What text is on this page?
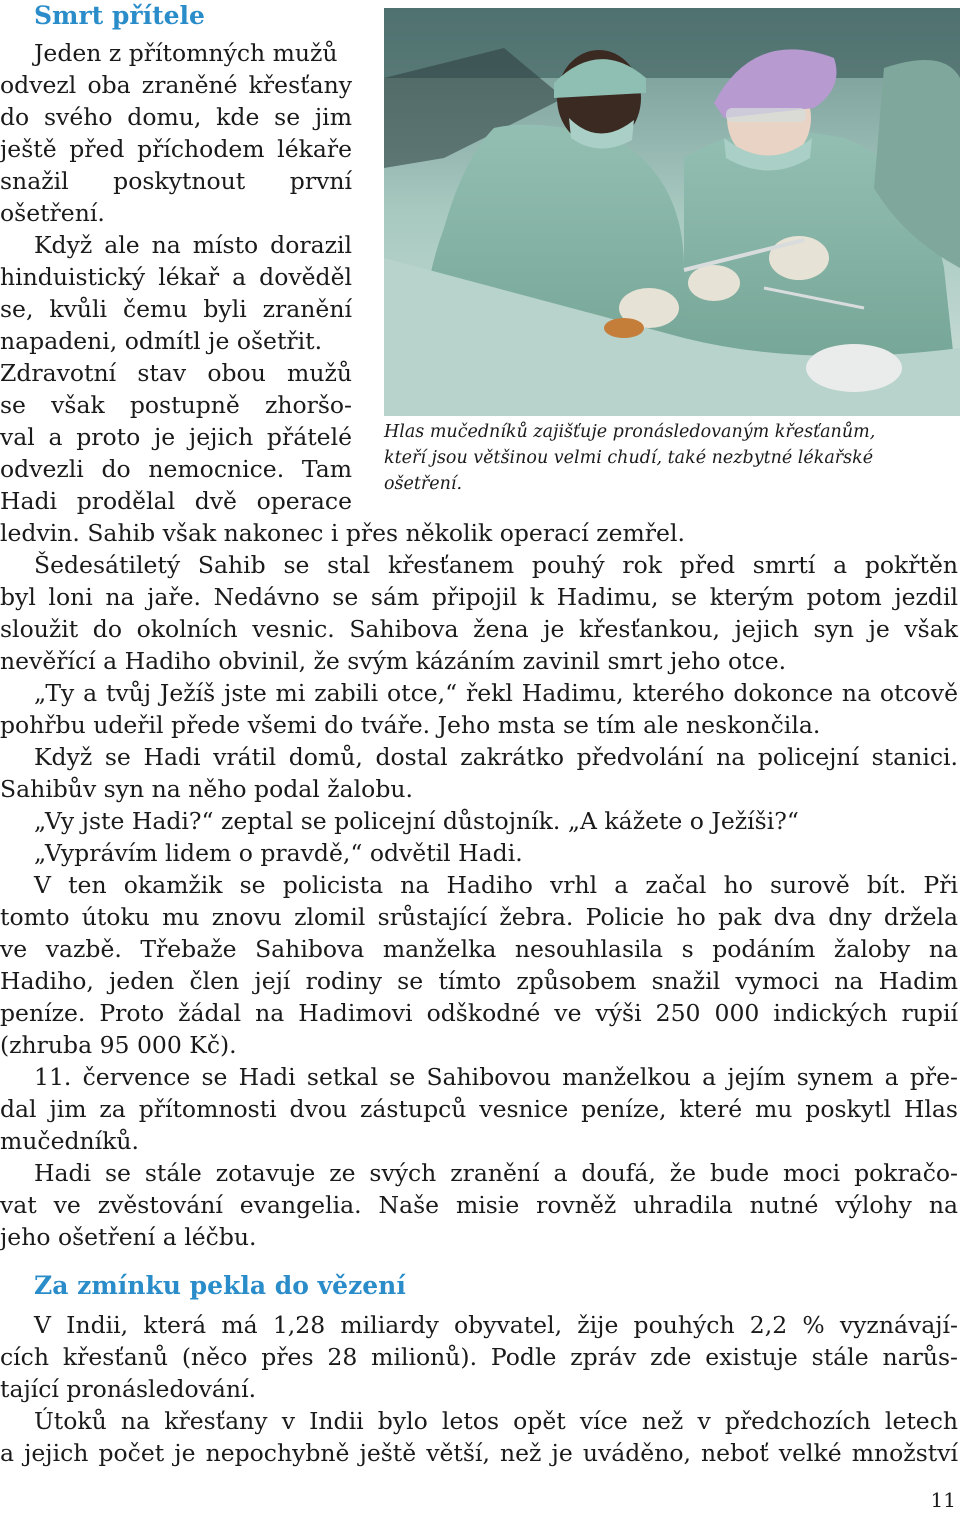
Smrt přítele

Jeden z přítomných mužů

odvezl oba zraněné křesťany

do svého domu, kde se jim

ještě před příchodem lékaře

snažil poskytnout první

ošetření.

Když ale na místo dorazil

hinduistický lékař a dověděl

se, kvůli čemu byli zranění

napadeni, odmítl je ošetřit.

Zdravotní stav obou mužů

se však postupně zhoršo-

val a proto je jejich přátelé

odvezli do nemocnice. Tam

Hadi prodělal dvě operace

Hlas mučedníků zajišťuje pronásledovaným křesťanům,

kteří jsou většinou velmi chudí, také nezbytné lékařské

ošetření.

ledvin. Sahib však nakonec i přes několik operací zemřel.

Šedesátiletý Sahib se stal křesťanem pouhý rok před smrtí a pokřtěn

byl loni na jaře. Nedávno se sám připojil k Hadimu, se kterým potom jezdil

sloužit do okolních vesnic. Sahibova žena je křesťankou, jejich syn je však

nevěřící a Hadiho obvinil, že svým kázáním zavinil smrt jeho otce.

„Ty a tvůj Ježíš jste mi zabili otce,“ řekl Hadimu, kterého dokonce na otcově

pohřbu udeřil přede všemi do tváře. Jeho msta se tím ale neskončila.

Když se Hadi vrátil domů, dostal zakrátko předvolání na policejní stanici.

Sahibův syn na něho podal žalobu.

„Vy jste Hadi?“ zeptal se policejní důstojník. „A kážete o Ježíši?“

„Vyprávím lidem o pravdě,“ odvětil Hadi.

V ten okamžik se policista na Hadiho vrhl a začal ho surově bít. Při

tomto útoku mu znovu zlomil srůstající žebra. Policie ho pak dva dny držela

ve vazbě. Třebaže Sahibova manželka nesouhlasila s podáním žaloby na

Hadiho, jeden člen její rodiny se tímto způsobem snažil vymoci na Hadim

peníze. Proto žádal na Hadimovi odškodné ve výši 250 000 indických rupií

(zhruba 95 000 Kč).

11. července se Hadi setkal se Sahibovou manželkou a jejím synem a pře-

dal jim za přítomnosti dvou zástupců vesnice peníze, které mu poskytl Hlas

mučedníků.

Hadi se stále zotavuje ze svých zranění a doufá, že bude moci pokračo-

vat ve zvěstování evangelia. Naše misie rovněž uhradila nutné výlohy na

jeho ošetření a léčbu.

Za zmínku pekla do vězení

V Indii, která má 1,28 miliardy obyvatel, žije pouhých 2,2 % vyznávají-

cích křesťanů (něco přes 28 milionů). Podle zpráv zde existuje stále narůs-

tající pronásledování.

Útoků na křesťany v Indii bylo letos opět více než v předchozích letech

a jejich počet je nepochybně ještě větší, než je uváděno, neboť velké množství

11
